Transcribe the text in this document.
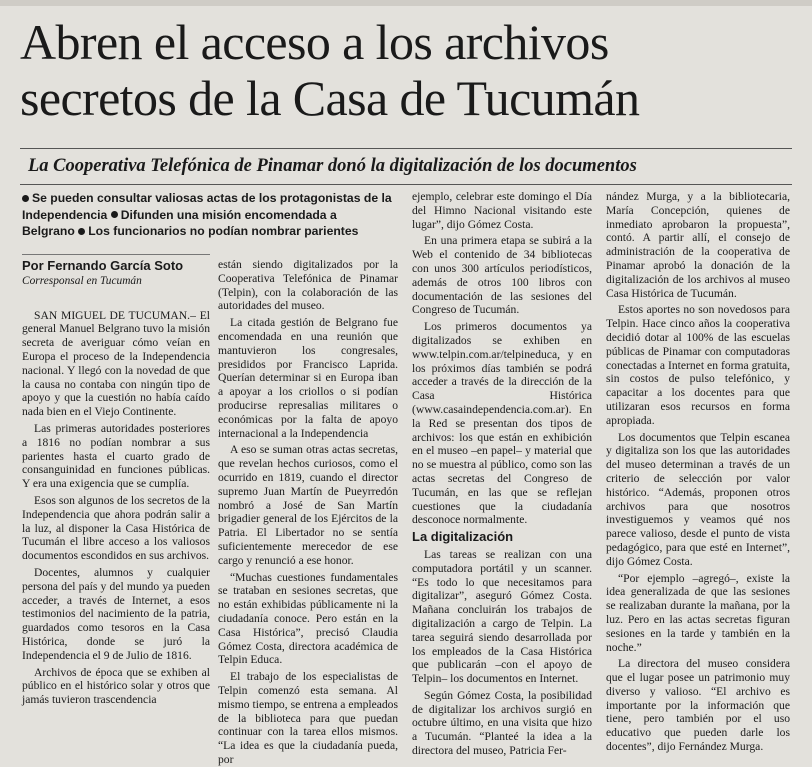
Abren el acceso a los archivos
secretos de la Casa de Tucumán
La Cooperativa Telefónica de Pinamar donó la digitalización de los documentos
Se pueden consultar valiosas actas de los protagonistas de la Independencia Difunden una misión encomendada a Belgrano Los funcionarios no podían nombrar parientes
Por Fernando García Soto
Corresponsal en Tucumán

SAN MIGUEL DE TUCUMAN.– El general Manuel Belgrano tuvo la misión secreta de averiguar cómo veían en Europa el proceso de la Independencia nacional. Y llegó con la novedad de que la causa no contaba con ningún tipo de apoyo y que la cuestión no había caído nada bien en el Viejo Continente.

Las primeras autoridades posteriores a 1816 no podían nombrar a sus parientes hasta el cuarto grado de consanguinidad en funciones públicas. Y era una exigencia que se cumplía.

Esos son algunos de los secretos de la Independencia que ahora podrán salir a la luz, al disponer la Casa Histórica de Tucumán el libre acceso a los valiosos documentos escondidos en sus archivos.

Docentes, alumnos y cualquier persona del país y del mundo ya pueden acceder, a través de Internet, a esos testimonios del nacimiento de la patria, guardados como tesoros en la Casa Histórica, donde se juró la Independencia el 9 de Julio de 1816.

Archivos de época que se exhiben al público en el histórico solar y otros que jamás tuvieron trascendencia

están siendo digitalizados por la Cooperativa Telefónica de Pinamar (Telpin), con la colaboración de las autoridades del museo.

La citada gestión de Belgrano fue encomendada en una reunión que mantuvieron los congresales, presididos por Francisco Laprida. Querían determinar si en Europa iban a apoyar a los criollos o si podían producirse represalias militares o económicas por la falta de apoyo internacional a la Independencia

A eso se suman otras actas secretas, que revelan hechos curiosos, como el ocurrido en 1819, cuando el director supremo Juan Martín de Pueyrredón nombró a José de San Martín brigadier general de los Ejércitos de la Patria. El Libertador no se sentía suficientemente merecedor de ese cargo y renunció a ese honor.

“Muchas cuestiones fundamentales se trataban en sesiones secretas, que no están exhibidas públicamente ni la ciudadanía conoce. Pero están en la Casa Histórica”, precisó Claudia Gómez Costa, directora académica de Telpin Educa.

El trabajo de los especialistas de Telpin comenzó esta semana. Al mismo tiempo, se entrena a empleados de la biblioteca para que puedan continuar con la tarea ellos mismos. “La idea es que la ciudadanía pueda, por

ejemplo, celebrar este domingo el Día del Himno Nacional visitando este lugar”, dijo Gómez Costa.

En una primera etapa se subirá a la Web el contenido de 34 bibliotecas con unos 300 artículos periodísticos, además de otros 100 libros con documentación de las sesiones del Congreso de Tucumán.

Los primeros documentos ya digitalizados se exhiben en www.telpin.com.ar/telpineduca, y en los próximos días también se podrá acceder a través de la dirección de la Casa Histórica (www.casaindependencia.com.ar). En la Red se presentan dos tipos de archivos: los que están en exhibición en el museo –en papel– y material que no se muestra al público, como son las actas secretas del Congreso de Tucumán, en las que se reflejan cuestiones que la ciudadanía desconoce normalmente.

La digitalización

Las tareas se realizan con una computadora portátil y un scanner. “Es todo lo que necesitamos para digitalizar”, aseguró Gómez Costa. Mañana concluirán los trabajos de digitalización a cargo de Telpin. La tarea seguirá siendo desarrollada por los empleados de la Casa Histórica que publicarán –con el apoyo de Telpin– los documentos en Internet.

Según Gómez Costa, la posibilidad de digitalizar los archivos surgió en octubre último, en una visita que hizo a Tucumán. “Planteé la idea a la directora del museo, Patricia Fer-

nández Murga, y a la bibliotecaria, María Concepción, quienes de inmediato aprobaron la propuesta”, contó. A partir allí, el consejo de administración de la cooperativa de Pinamar aprobó la donación de la digitalización de los archivos al museo Casa Histórica de Tucumán.

Estos aportes no son novedosos para Telpin. Hace cinco años la cooperativa decidió dotar al 100% de las escuelas públicas de Pinamar con computadoras conectadas a Internet en forma gratuita, sin costos de pulso telefónico, y capacitar a los docentes para que utilizaran esos recursos en forma apropiada.

Los documentos que Telpin escanea y digitaliza son los que las autoridades del museo determinan a través de un criterio de selección por valor histórico. “Además, proponen otros archivos para que nosotros investiguemos y veamos qué nos parece valioso, desde el punto de vista pedagógico, para que esté en Internet”, dijo Gómez Costa.

“Por ejemplo –agregó–, existe la idea generalizada de que las sesiones se realizaban durante la mañana, por la luz. Pero en las actas secretas figuran sesiones en la tarde y también en la noche.”

La directora del museo considera que el lugar posee un patrimonio muy diverso y valioso. “El archivo es importante por la información que tiene, pero también por el uso educativo que pueden darle los docentes”, dijo Fernández Murga.
